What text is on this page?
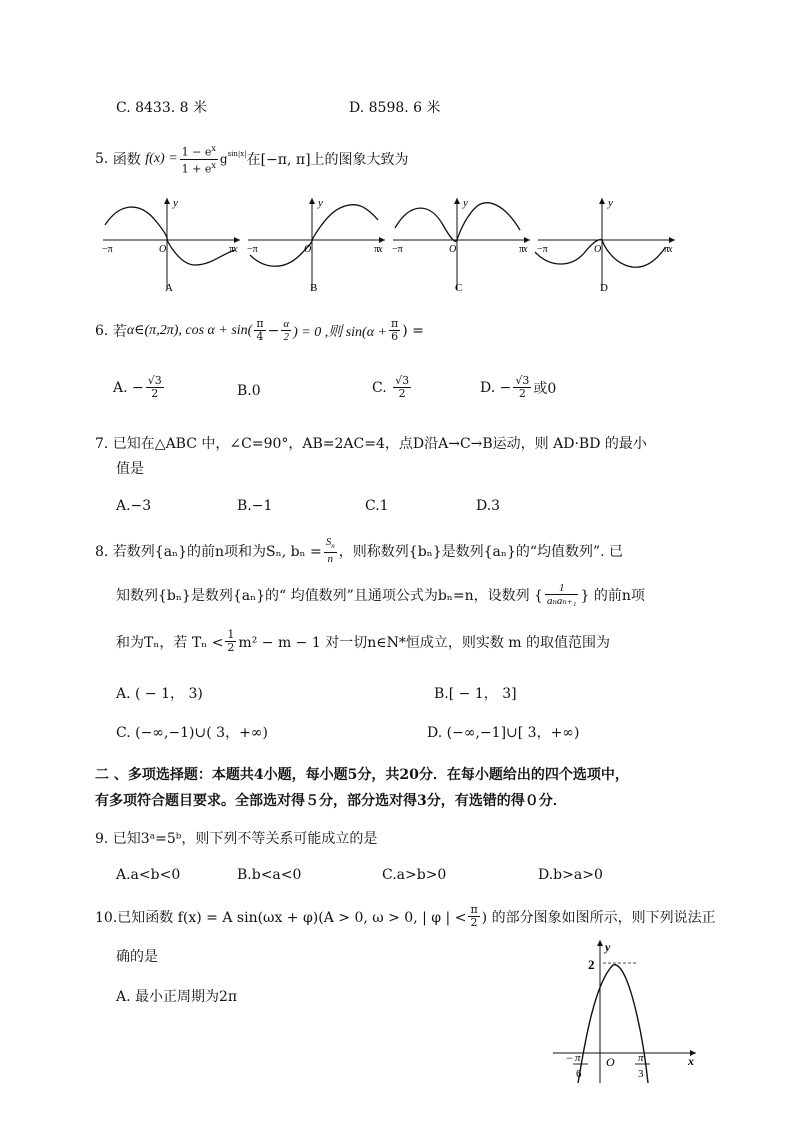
C. 8433. 8 米	D. 8598. 6 米
5.
函数
$f(x) = \frac{1 - e^x}{1 + e^x} g^{sin|x|}$ 在[−π, π]上的图象大致为
y
π
x
−π	O
A
y
π
x
−π	O
B
y
π
x
−π	O
C
y
π
x
−π	O
D
6.
若 α∈(π,2π), $\cos \alpha + \sin( \frac{\pi}{4} - \frac{\alpha}{2}$ ) = 0 ,则 $\sin(\alpha + \frac{\pi}{6}$ ) =
A. − $\frac{√3}{2}$	B.0	C.
$\frac{√3}{2}$	D. − $\frac{√3}{2}$ 或0
7. 已知在△ABC 中，∠C=90°，AB=2AC=4，点D沿A→C→B运动，则 AD·BD 的最小
值是
A.−3	B.−1	C.1	D.3
8. 若数列{aₙ}的前n项和为Sₙ, $b_n = \frac{S_n}{n}$ ，则称数列{bₙ}是数列{aₙ}的“均值数列”. 已
知数列{bₙ}是数列{aₙ}的“ 均值数列”且通项公式为bₙ=n，设数列 { $\frac{1}{\text{aₙaₙ₊₁}}$ } 的前n项
和为Tₙ，若 $T_n < \frac{1}{2} m^2 - m - 1$ 对一切n∈N*恒成立，则实数 m 的取值范围为
A. ( − 1， 3)	B.[ − 1， 3]
C. (−∞,−1)∪( 3，+∞)	D. (−∞,−1]∪[ 3，+∞)
二 、多项选择题：本题共4小题，每小题5分，共20分．在每小题给出的四个选项中，
有多项符合题目要求。全部选对得５分，部分选对得3分，有选错的得０分．
9. 已知3ᵃ=5ᵇ，则下列不等关系可能成立的是
A.a<b<0	B.b<a<0	C.a>b>0	D.b>a>0
10.已知函数 f(x) = A sin(ωx + φ)(A > 0, ω > 0, | φ | < $\frac{\pi}{2}$ ) 的部分图象如图所示，则下列说法正
确的是
A. 最小正周期为2π
2
y
x
O
− π
6
π
3
